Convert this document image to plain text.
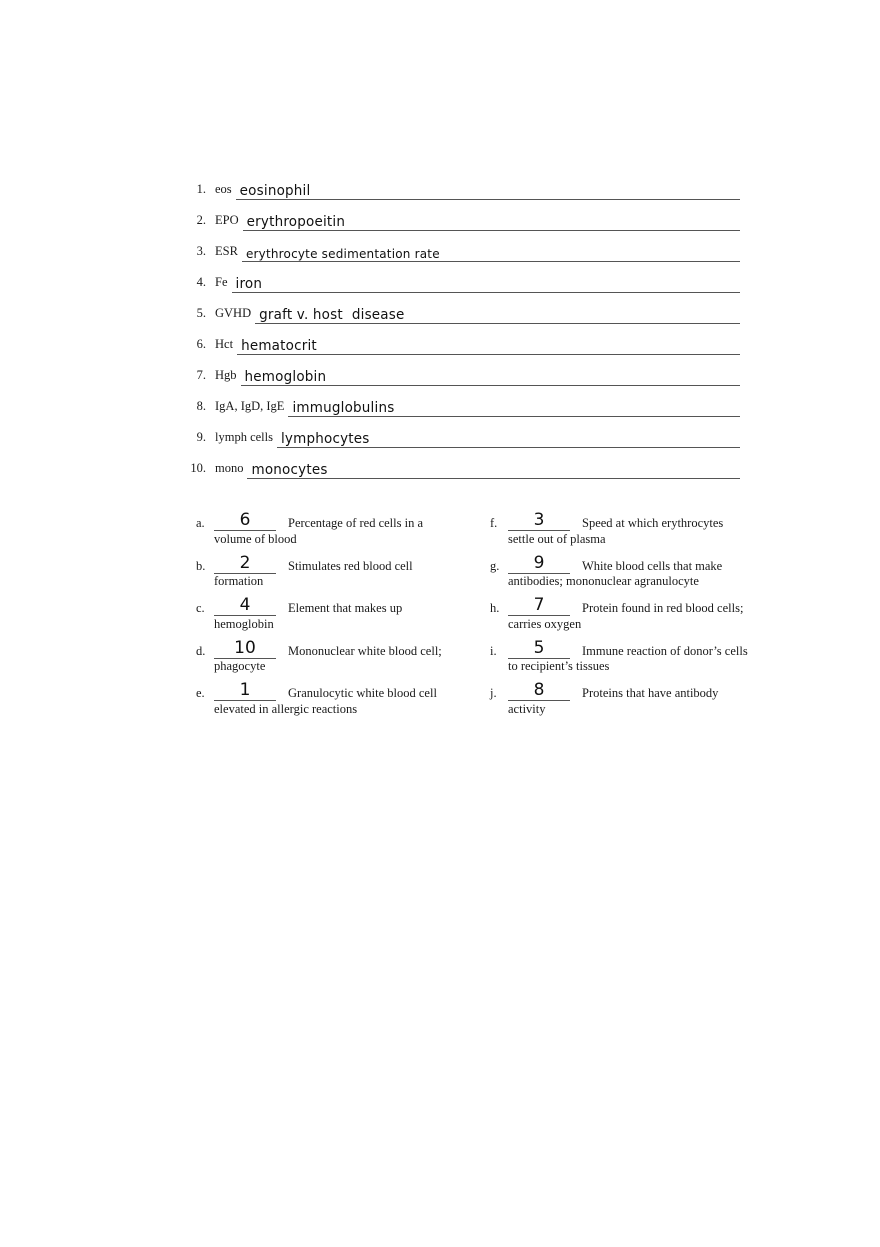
1. eos eosinophil
2. EPO erythropoeitin
3. ESR erythrocyte sedimentation rate
4. Fe iron
5. GVHD graft v. host  disease
6. Hct hematocrit
7. Hgb hemoglobin
8. IgA, IgD, IgE immuglobulins
9. lymph cells lymphocytes
10. mono monocytes
a.	6	Percentage of red cells in a volume of blood
b.	2	Stimulates red blood cell formation
c.	4	Element that makes up hemoglobin
d.	10	Mononuclear white blood cell; phagocyte
e.	1	Granulocytic white blood cell elevated in allergic reactions
f.	3	Speed at which erythrocytes settle out of plasma
g.	9	White blood cells that make antibodies; mononuclear agranulocyte
h.	7	Protein found in red blood cells; carries oxygen
i.	5	Immune reaction of donor’s cells to recipient’s tissues
j.	8	Proteins that have antibody activity
